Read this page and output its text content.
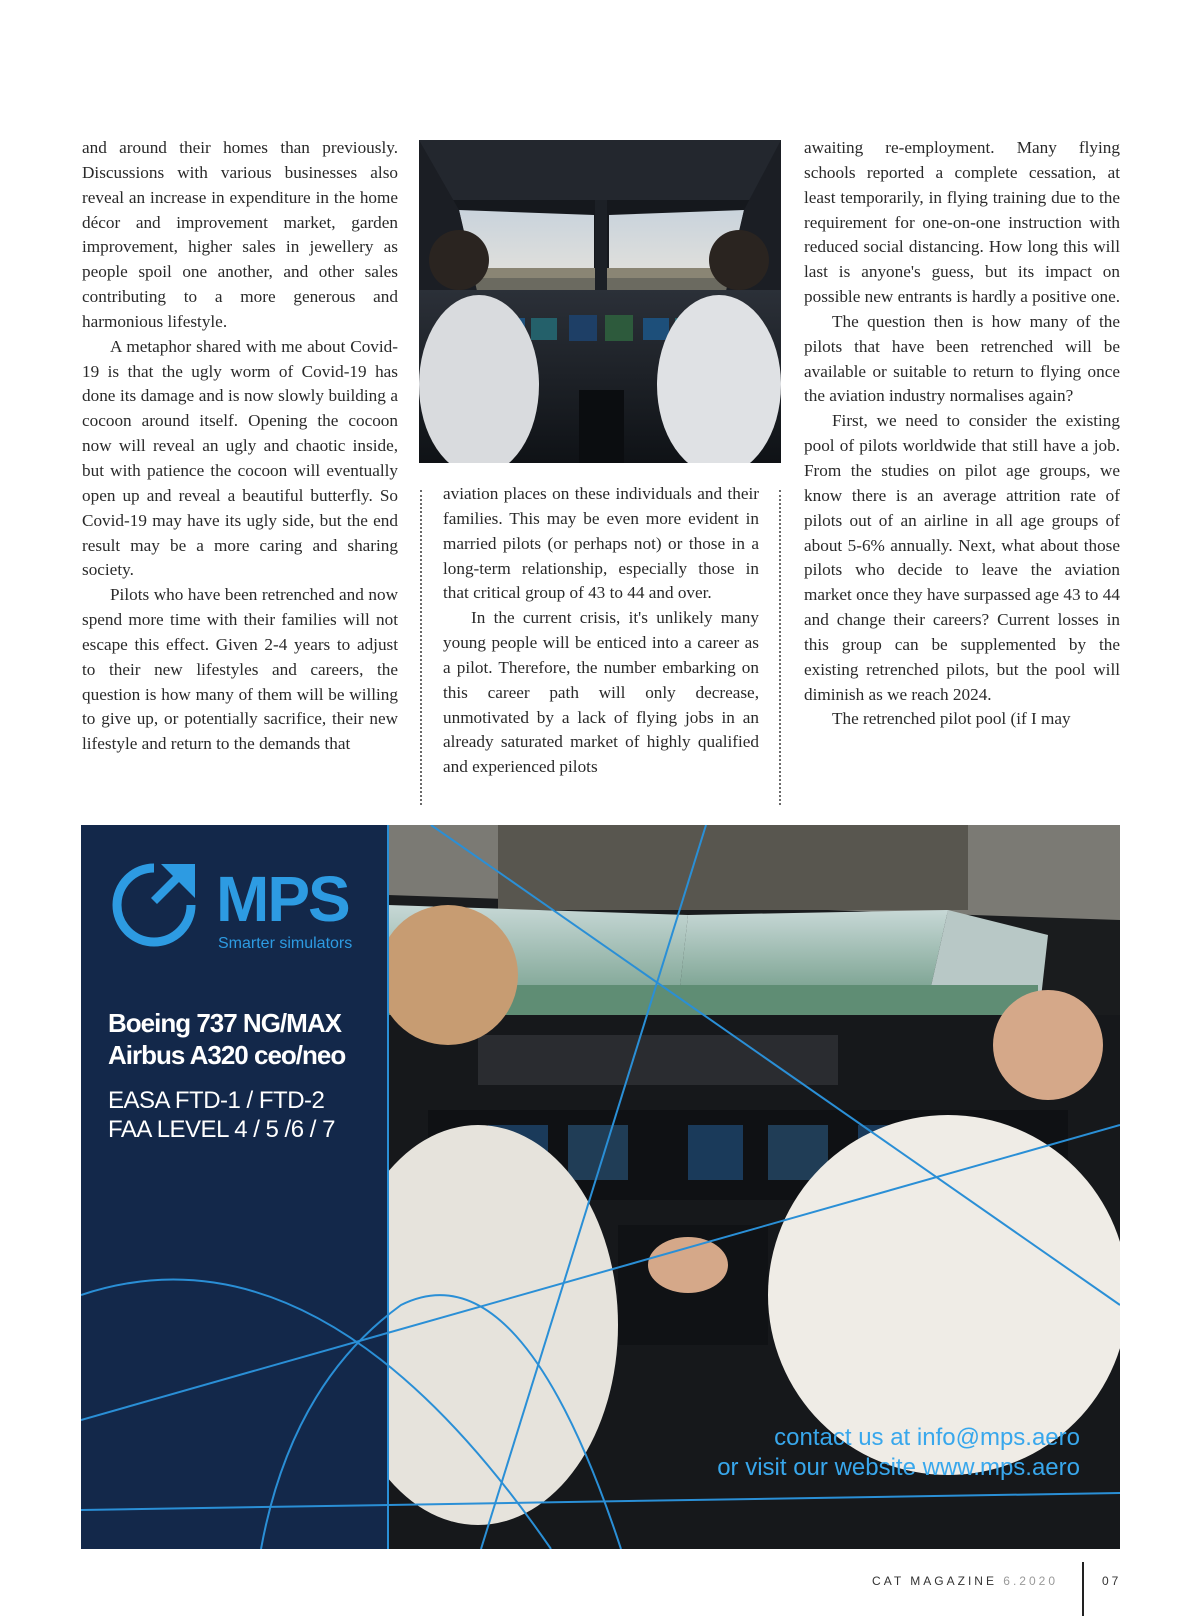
and around their homes than previously. Discussions with various businesses also reveal an increase in expenditure in the home décor and improvement market, garden improvement, higher sales in jewellery as people spoil one another, and other sales contributing to a more generous and harmonious lifestyle.

A metaphor shared with me about Covid-19 is that the ugly worm of Covid-19 has done its damage and is now slowly building a cocoon around itself. Opening the cocoon now will reveal an ugly and chaotic inside, but with patience the cocoon will eventually open up and reveal a beautiful butterfly. So Covid-19 may have its ugly side, but the end result may be a more caring and sharing society.

Pilots who have been retrenched and now spend more time with their families will not escape this effect. Given 2-4 years to adjust to their new lifestyles and careers, the question is how many of them will be willing to give up, or potentially sacrifice, their new lifestyle and return to the demands that

aviation places on these individuals and their families. This may be even more evident in married pilots (or perhaps not) or those in a long-term relationship, especially those in that critical group of 43 to 44 and over.

In the current crisis, it's unlikely many young people will be enticed into a career as a pilot. Therefore, the number embarking on this career path will only decrease, unmotivated by a lack of flying jobs in an already saturated market of highly qualified and experienced pilots

awaiting re-employment. Many flying schools reported a complete cessation, at least temporarily, in flying training due to the requirement for one-on-one instruction with reduced social distancing. How long this will last is anyone's guess, but its impact on possible new entrants is hardly a positive one.

The question then is how many of the pilots that have been retrenched will be available or suitable to return to flying once the aviation industry normalises again?

First, we need to consider the existing pool of pilots worldwide that still have a job. From the studies on pilot age groups, we know there is an average attrition rate of pilots out of an airline in all age groups of about 5-6% annually. Next, what about those pilots who decide to leave the aviation market once they have surpassed age 43 to 44 and change their careers? Current losses in this group can be supplemented by the existing retrenched pilots, but the pool will diminish as we reach 2024.

The retrenched pilot pool (if I may

MPS
Smarter simulators
Boeing 737 NG/MAX
Airbus A320 ceo/neo
EASA FTD-1 / FTD-2
FAA LEVEL 4 / 5 /6 / 7
contact us at info@mps.aero
or visit our website www.mps.aero
CAT MAGAZINE 6.2020	07
